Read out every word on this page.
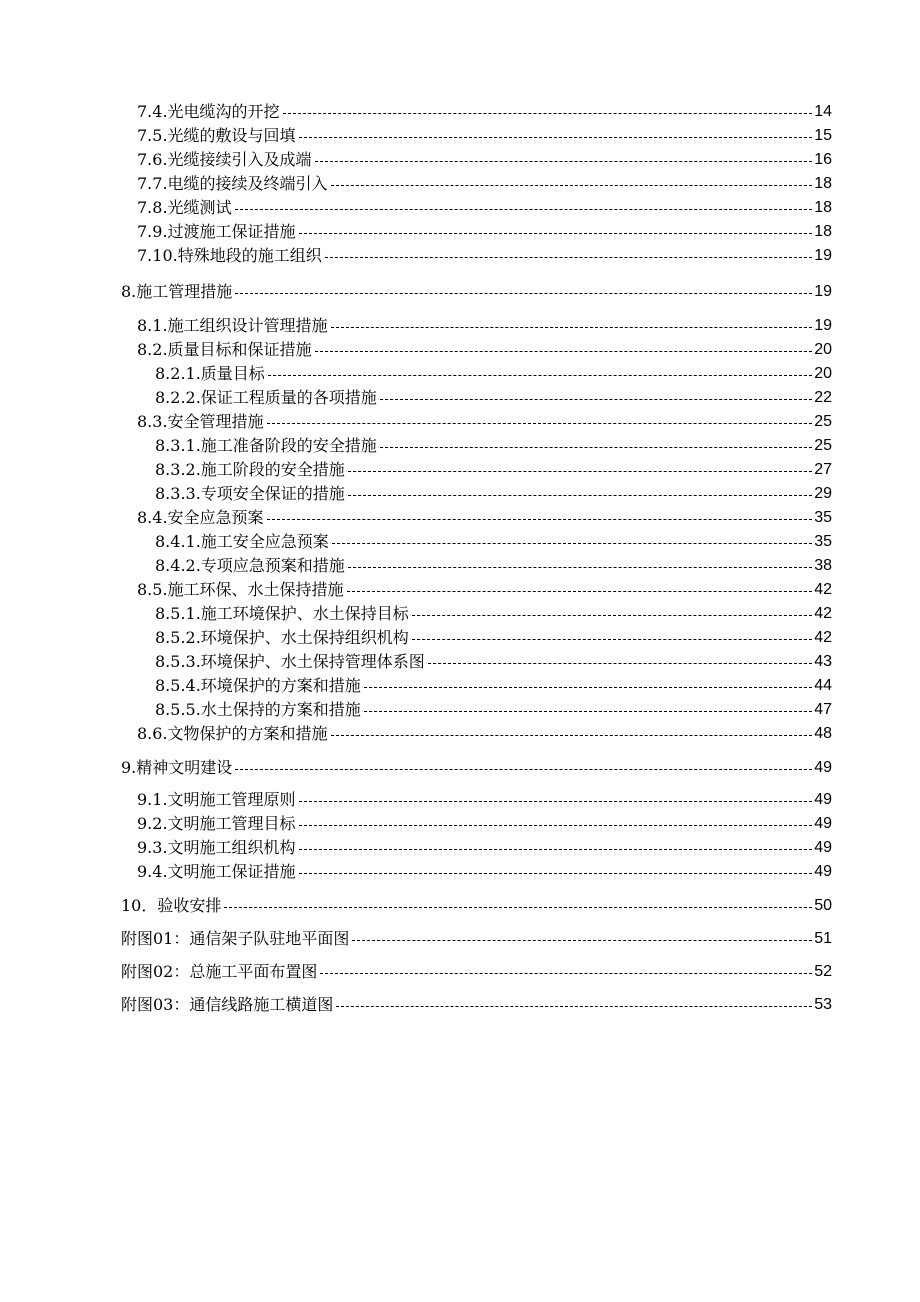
7.4.光电缆沟的开挖	14
7.5.光缆的敷设与回填	15
7.6.光缆接续引入及成端	16
7.7.电缆的接续及终端引入	18
7.8.光缆测试	18
7.9.过渡施工保证措施	18
7.10.特殊地段的施工组织	19
8.施工管理措施	19
8.1.施工组织设计管理措施	19
8.2.质量目标和保证措施	20
8.2.1.质量目标	20
8.2.2.保证工程质量的各项措施	22
8.3.安全管理措施	25
8.3.1.施工准备阶段的安全措施	25
8.3.2.施工阶段的安全措施	27
8.3.3.专项安全保证的措施	29
8.4.安全应急预案	35
8.4.1.施工安全应急预案	35
8.4.2.专项应急预案和措施	38
8.5.施工环保、水土保持措施	42
8.5.1.施工环境保护、水土保持目标	42
8.5.2.环境保护、水土保持组织机构	42
8.5.3.环境保护、水土保持管理体系图	43
8.5.4.环境保护的方案和措施	44
8.5.5.水土保持的方案和措施	47
8.6.文物保护的方案和措施	48
9.精神文明建设	49
9.1.文明施工管理原则	49
9.2.文明施工管理目标	49
9.3.文明施工组织机构	49
9.4.文明施工保证措施	49
10．验收安排	50
附图01：通信架子队驻地平面图	51
附图02：总施工平面布置图	52
附图03：通信线路施工横道图	53
